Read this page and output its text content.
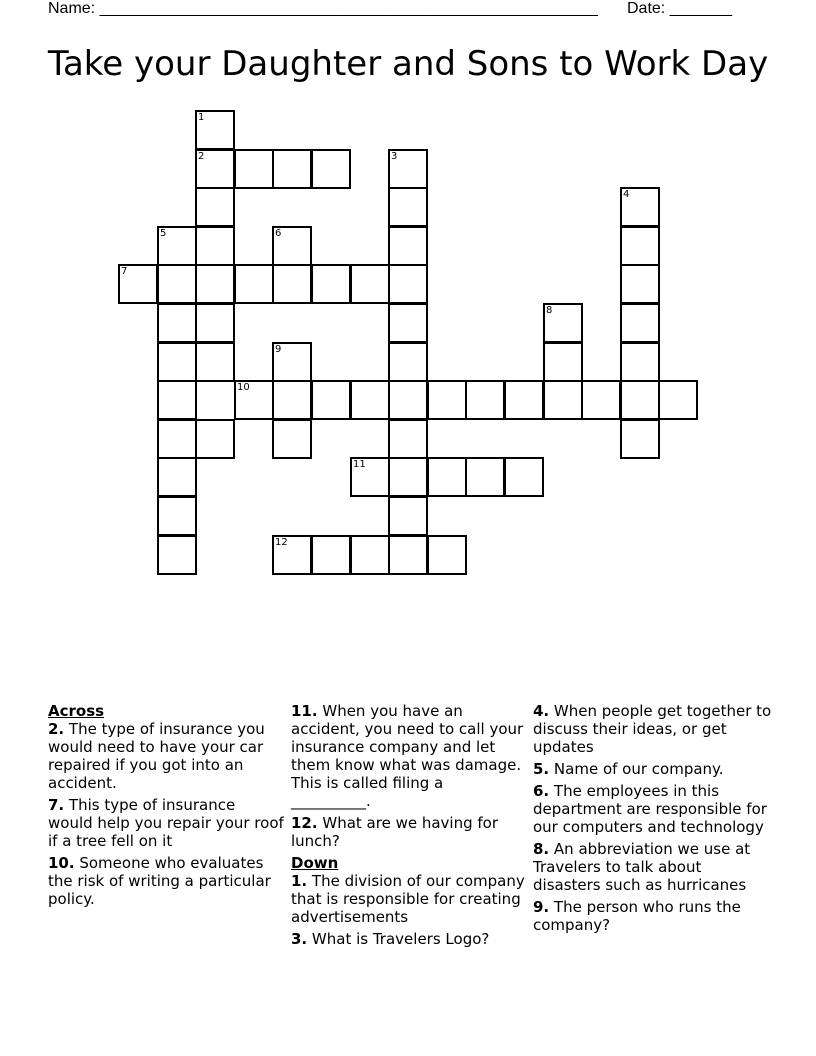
Name: ________________________________________________________ Date: _______
Take your Daughter and Sons to Work Day
1
2	3
4
5	6
7
8
9
10
11
12

Across

2. The type of insurance you would need to have your car repaired if you got into an accident.

7. This type of insurance would help you repair your roof if a tree fell on it

10. Someone who evaluates the risk of writing a particular policy.

11. When you have an accident, you need to call your insurance company and let them know what was damage. This is called filing a __________.

12. What are we having for lunch?

Down

1. The division of our company that is responsible for creating advertisements

3. What is Travelers Logo?

4. When people get together to discuss their ideas, or get updates

5. Name of our company.

6. The employees in this department are responsible for our computers and technology

8. An abbreviation we use at Travelers to talk about disasters such as hurricanes

9. The person who runs the company?
